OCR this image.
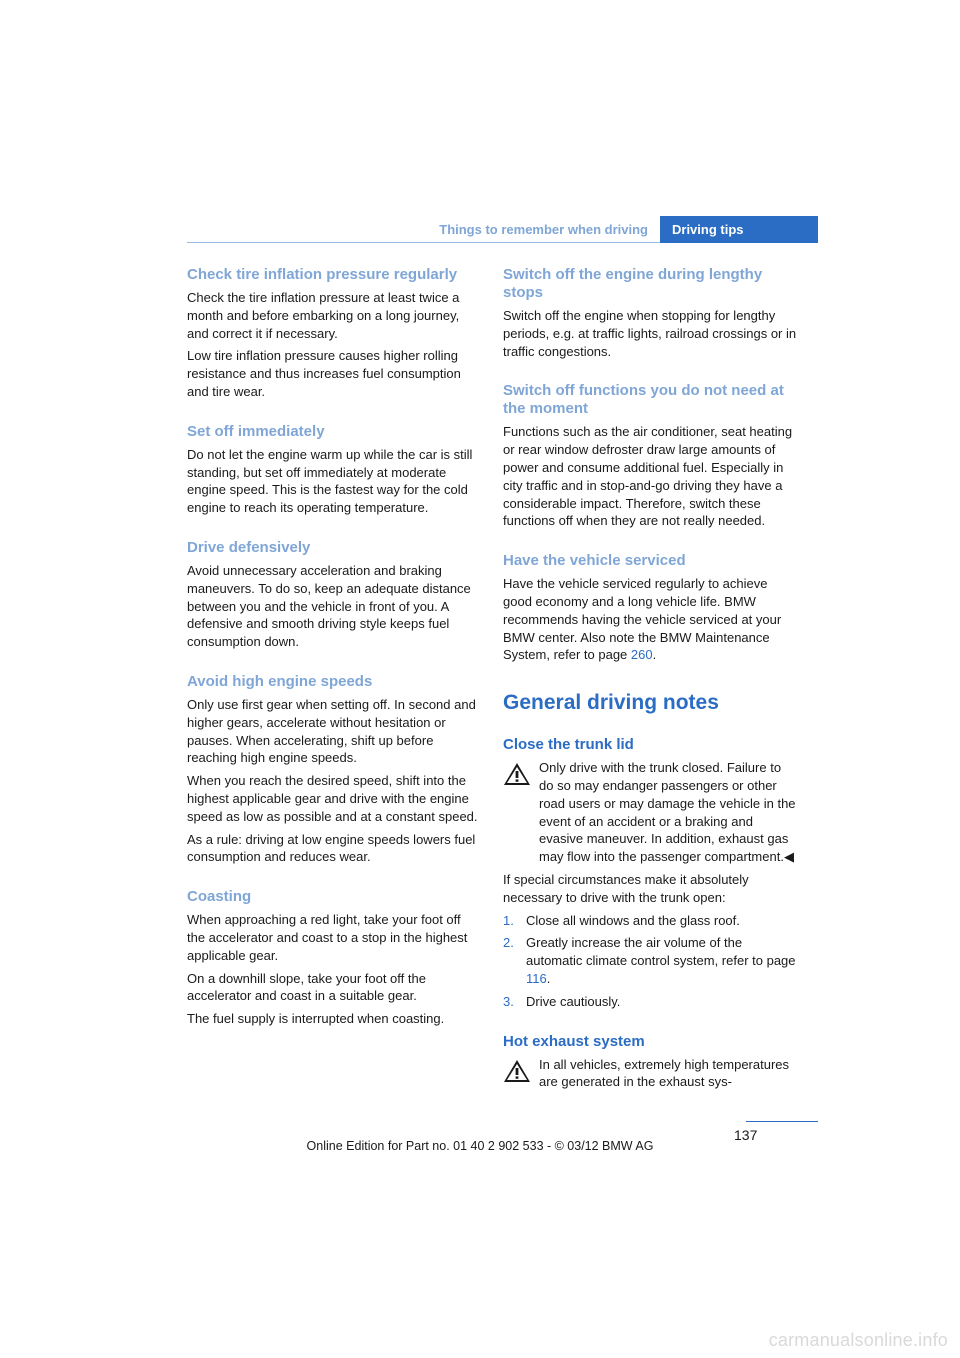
Things to remember when driving	Driving tips
Check tire inflation pressure regularly

Check the tire inflation pressure at least twice a month and before embarking on a long journey, and correct it if necessary.

Low tire inflation pressure causes higher rolling resistance and thus increases fuel consumption and tire wear.

Set off immediately

Do not let the engine warm up while the car is still standing, but set off immediately at moderate engine speed. This is the fastest way for the cold engine to reach its operating temperature.

Drive defensively

Avoid unnecessary acceleration and braking maneuvers. To do so, keep an adequate distance between you and the vehicle in front of you. A defensive and smooth driving style keeps fuel consumption down.

Avoid high engine speeds

Only use first gear when setting off. In second and higher gears, accelerate without hesitation or pauses. When accelerating, shift up before reaching high engine speeds.

When you reach the desired speed, shift into the highest applicable gear and drive with the engine speed as low as possible and at a constant speed.

As a rule: driving at low engine speeds lowers fuel consumption and reduces wear.

Coasting

When approaching a red light, take your foot off the accelerator and coast to a stop in the highest applicable gear.

On a downhill slope, take your foot off the accelerator and coast in a suitable gear.

The fuel supply is interrupted when coasting.

Switch off the engine during lengthy stops

Switch off the engine when stopping for lengthy periods, e.g. at traffic lights, railroad crossings or in traffic congestions.

Switch off functions you do not need at the moment

Functions such as the air conditioner, seat heating or rear window defroster draw large amounts of power and consume additional fuel. Especially in city traffic and in stop-and-go driving they have a considerable impact. Therefore, switch these functions off when they are not really needed.

Have the vehicle serviced

Have the vehicle serviced regularly to achieve good economy and a long vehicle life. BMW recommends having the vehicle serviced at your BMW center. Also note the BMW Maintenance System, refer to page 260.

General driving notes
Close the trunk lid

Only drive with the trunk closed. Failure to do so may endanger passengers or other road users or may damage the vehicle in the event of an accident or a braking and evasive maneuver. In addition, exhaust gas may flow into the passenger compartment.◀

If special circumstances make it absolutely necessary to drive with the trunk open:

1. Close all windows and the glass roof.
2. Greatly increase the air volume of the automatic climate control system, refer to page 116.
3. Drive cautiously.
Hot exhaust system

In all vehicles, extremely high temperatures are generated in the exhaust sys-

137
Online Edition for Part no. 01 40 2 902 533 - © 03/12 BMW AG
carmanualsonline.info
